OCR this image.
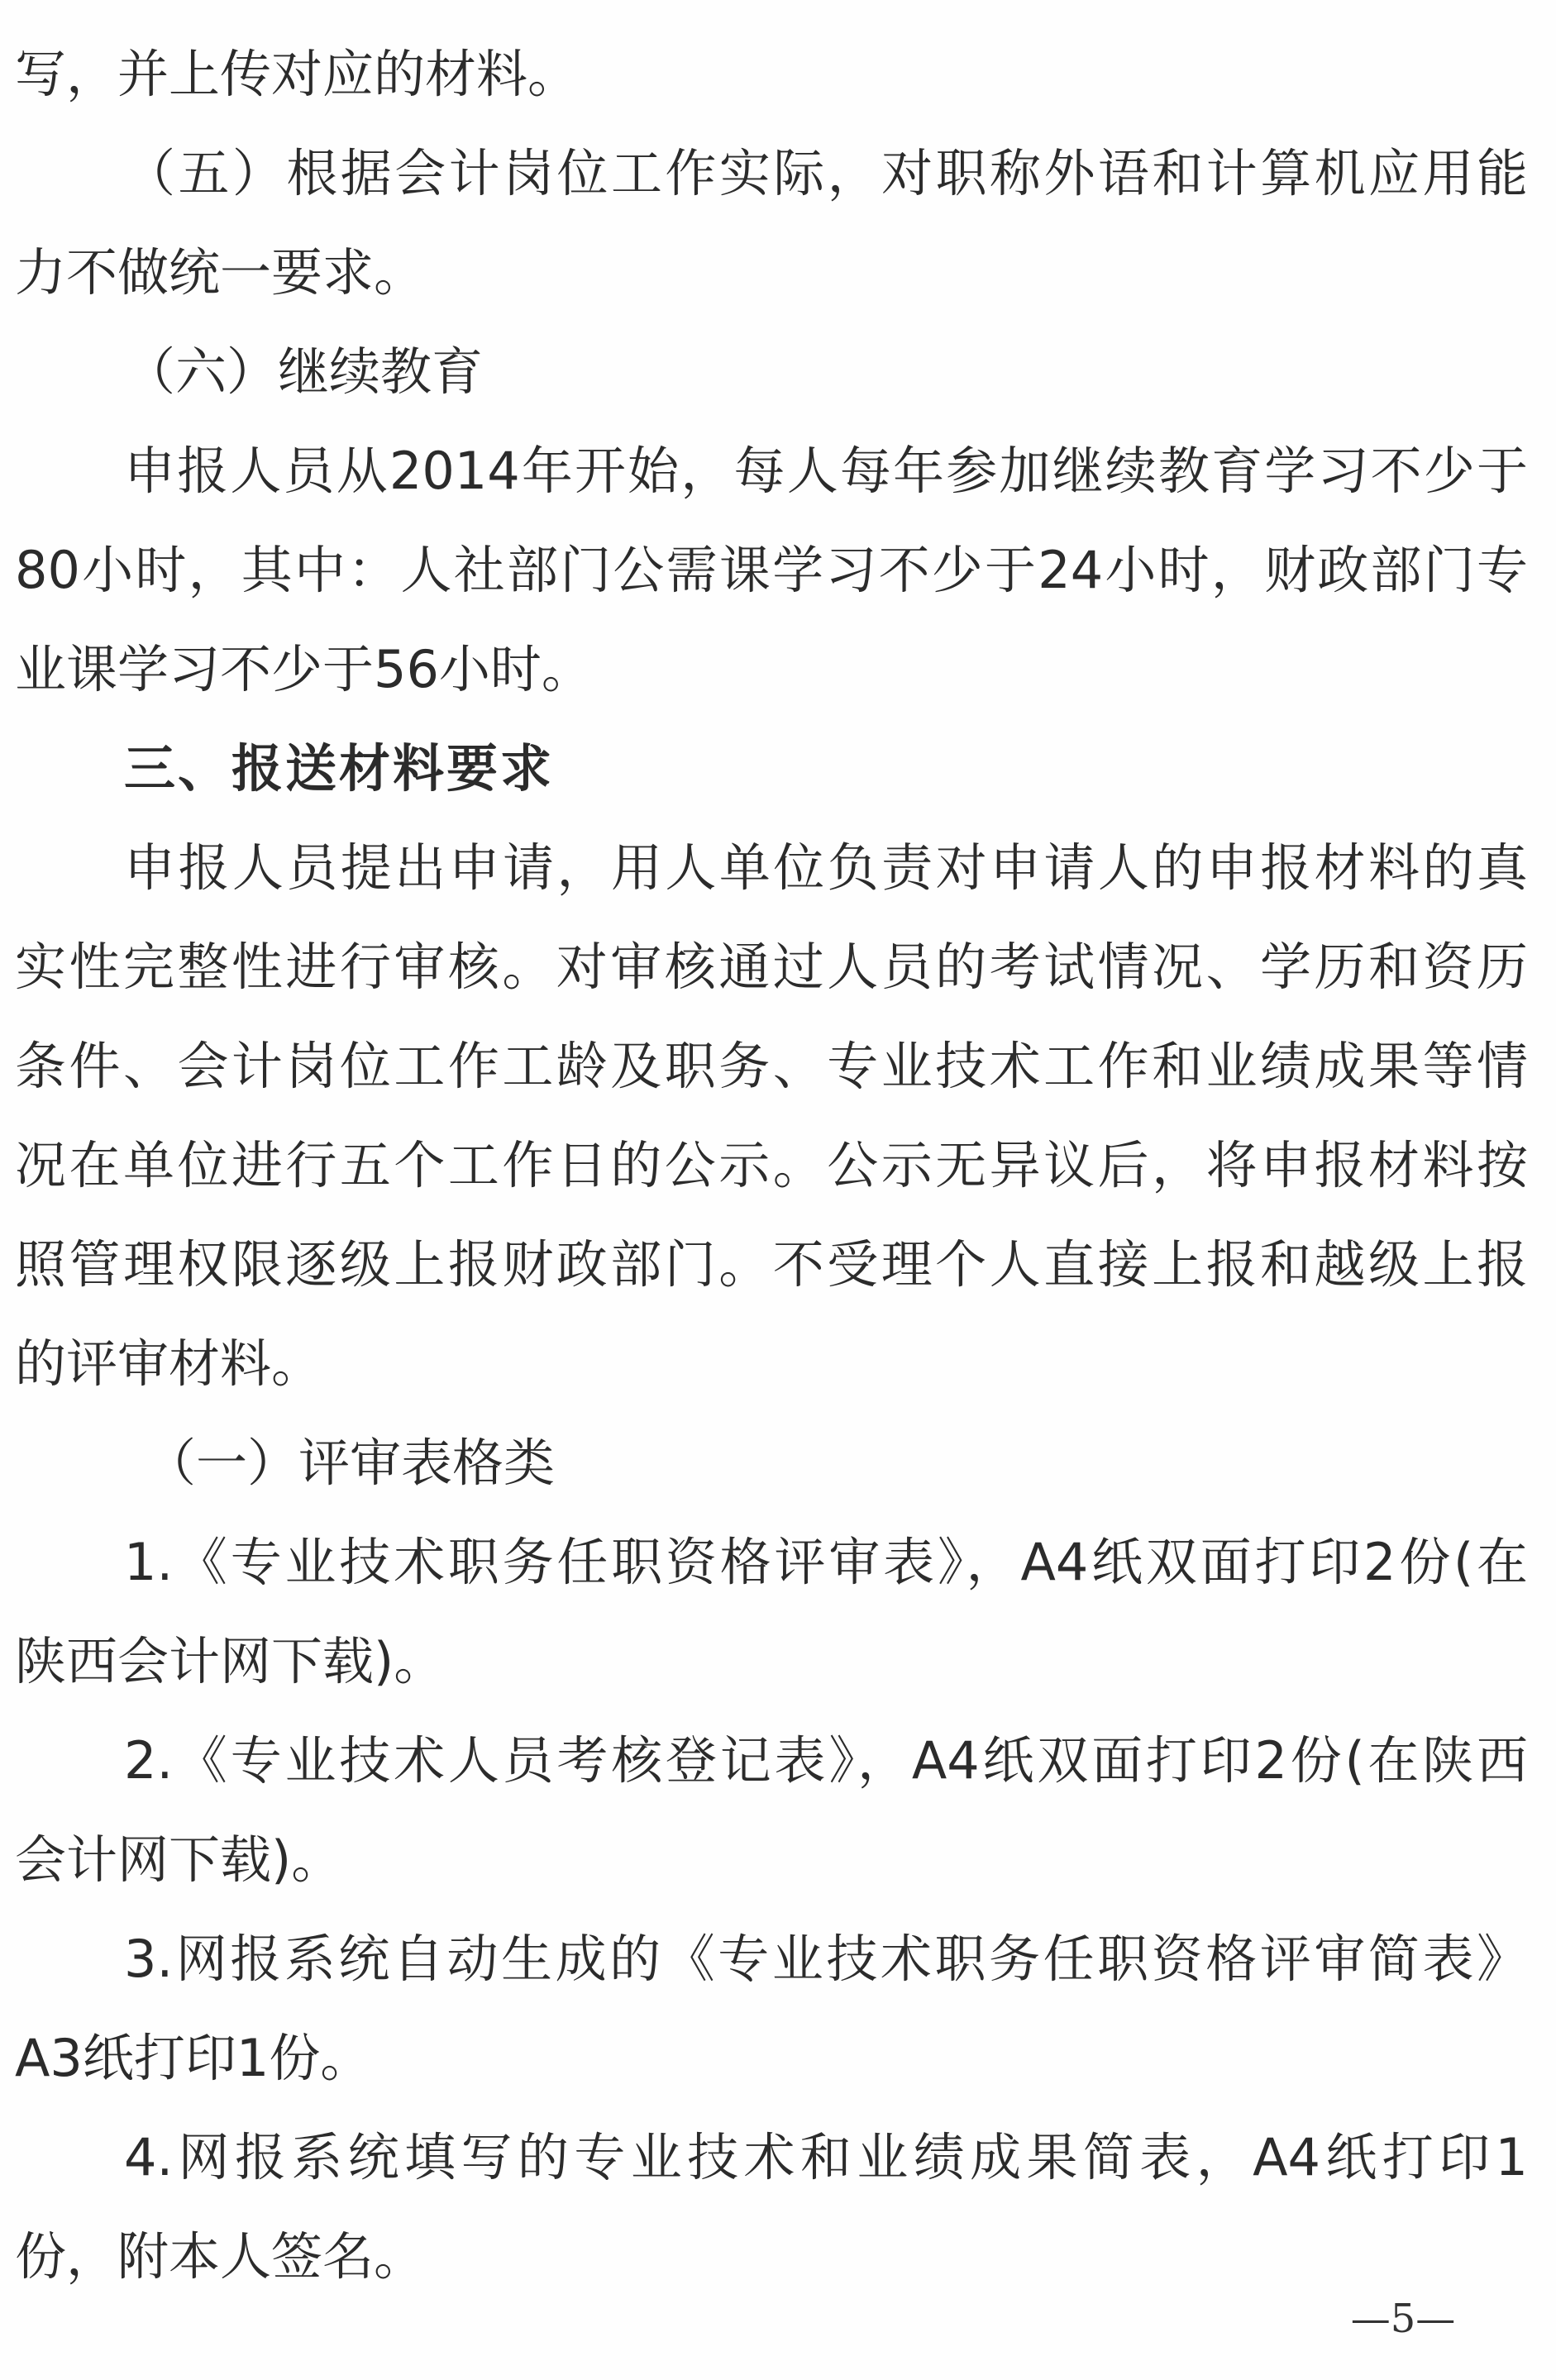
写，并上传对应的材料。
（五）根据会计岗位工作实际，对职称外语和计算机应用能
力不做统一要求。
（六）继续教育
申报人员从2014年开始，每人每年参加继续教育学习不少于
80小时，其中：人社部门公需课学习不少于24小时，财政部门专
业课学习不少于56小时。
三、报送材料要求
申报人员提出申请，用人单位负责对申请人的申报材料的真
实性完整性进行审核。对审核通过人员的考试情况、学历和资历
条件、会计岗位工作工龄及职务、专业技术工作和业绩成果等情
况在单位进行五个工作日的公示。公示无异议后，将申报材料按
照管理权限逐级上报财政部门。不受理个人直接上报和越级上报
的评审材料。
（一）评审表格类
1.《专业技术职务任职资格评审表》，A4纸双面打印2份(在
陕西会计网下载)。
2.《专业技术人员考核登记表》，A4纸双面打印2份(在陕西
会计网下载)。
3.网报系统自动生成的《专业技术职务任职资格评审简表》
A3纸打印1份。
4.网报系统填写的专业技术和业绩成果简表，A4纸打印1
份，附本人签名。
—5—
